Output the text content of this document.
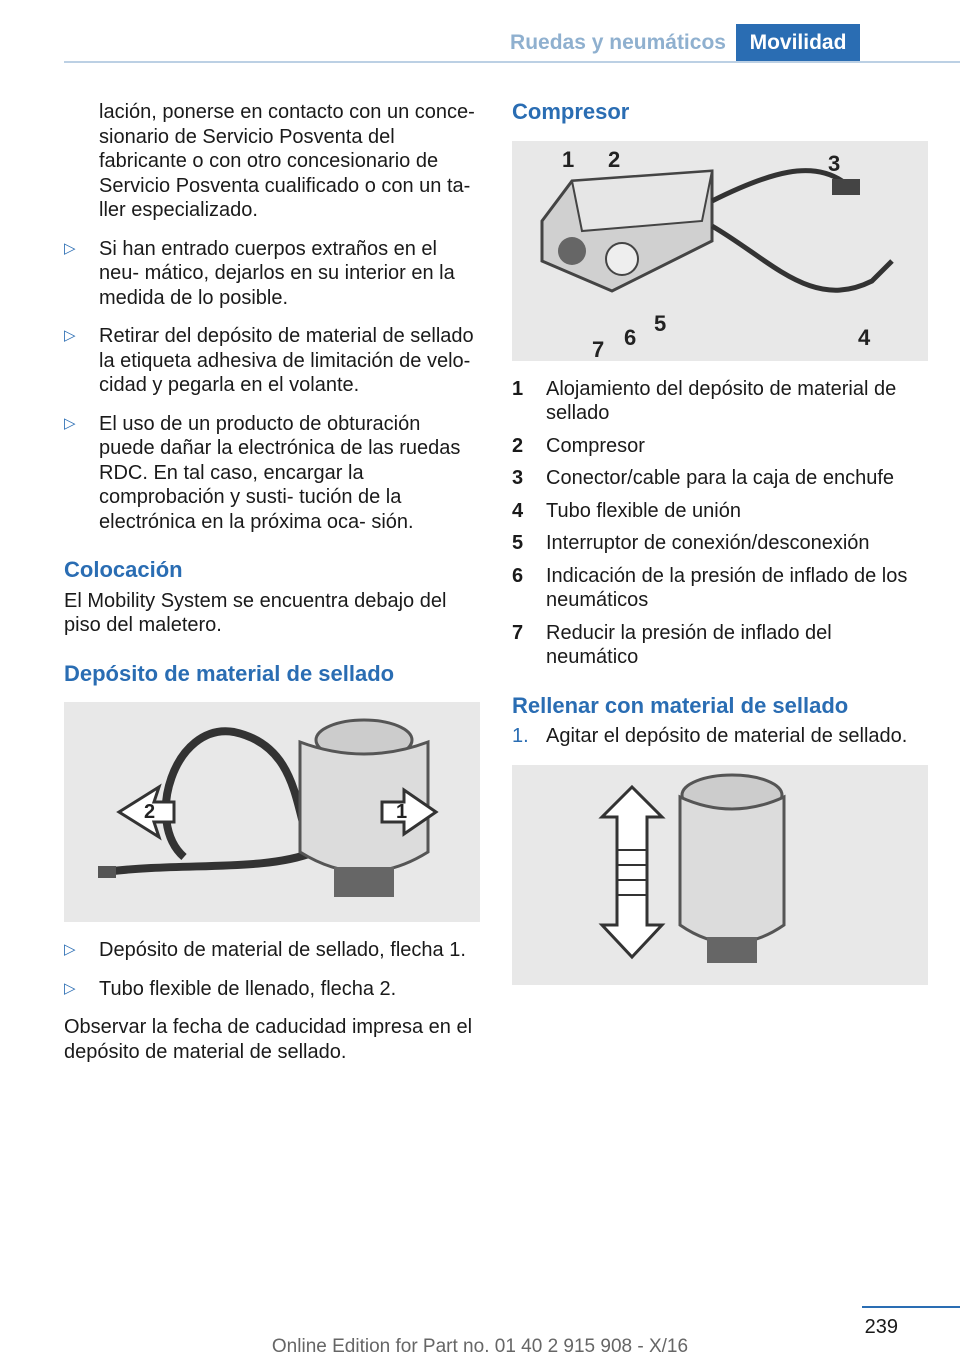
Ruedas y neumáticos	Movilidad

lación, ponerse en contacto con un conce‐ sionario de Servicio Posventa del fabricante o con otro concesionario de Servicio Posventa cualificado o con un ta‐ ller especializado.

▷ Si han entrado cuerpos extraños en el neu‐ mático, dejarlos en su interior en la medida de lo posible.
▷ Retirar del depósito de material de sellado la etiqueta adhesiva de limitación de velo‐ cidad y pegarla en el volante.
▷ El uso de un producto de obturación puede dañar la electrónica de las ruedas RDC. En tal caso, encargar la comprobación y susti‐ tución de la electrónica en la próxima oca‐ sión.
Colocación

El Mobility System se encuentra debajo del piso del maletero.

Depósito de material de sellado
2	1
▷ Depósito de material de sellado, flecha 1.
▷ Tubo flexible de llenado, flecha 2.

Observar la fecha de caducidad impresa en el depósito de material de sellado.

Compresor
1 2	3
4
5
6
7
1 Alojamiento del depósito de material de sellado
2 Compresor
3 Conector/cable para la caja de enchufe
4 Tubo flexible de unión
5 Interruptor de conexión/desconexión
6 Indicación de la presión de inflado de los neumáticos
7 Reducir la presión de inflado del neumático
Rellenar con material de sellado
1. Agitar el depósito de material de sellado.
239
Online Edition for Part no. 01 40 2 915 908 - X/16
